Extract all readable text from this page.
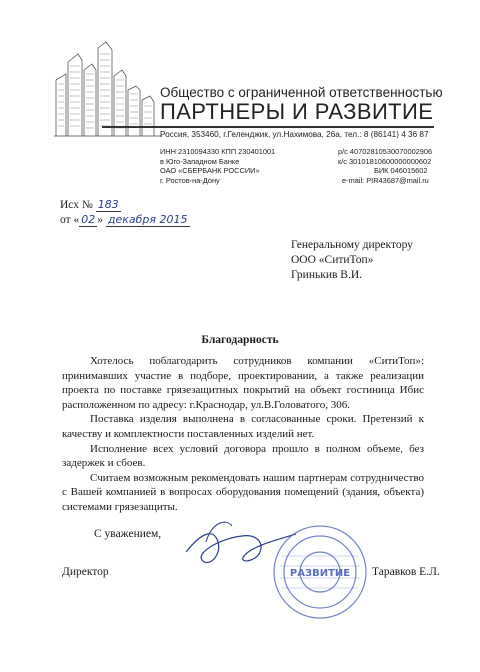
Общество с ограниченной ответственностью
ПАРТНЕРЫ И РАЗВИТИЕ
Россия, 353460, г.Геленджик, ул.Нахимова, 26а, тел.: 8 (86141) 4 36 87
ИНН 2310094330 КПП 230401001
в Юго-Западном Банке
ОАО «СБЕРБАНК РОССИИ»
г. Ростов-на-Дону
р/с 40702810530070002906
к/с 30101810600000000602
БИК 046015602
e-mail: PIR43687@mail.ru
Исх № 183
от « 02 » декабря 2015
Генеральному директору
ООО «СитиТоп»
Гринькив В.И.
Благодарность

Хотелось поблагодарить сотрудников компании «СитиТоп»: принимавших участие в подборе, проектировании, а также реализации проекта по поставке грязезащитных покрытий на объект гостиница Ибис расположенном по адресу: г.Краснодар, ул.В.Головатого, 306.

Поставка изделия выполнена в согласованные сроки. Претензий к качеству и комплектности поставленных изделий нет.

Исполнение всех условий договора прошло в полном объеме, без задержек и сбоев.

Считаем возможным рекомендовать нашим партнерам сотрудничество с Вашей компанией в вопросах оборудования помещений (здания, объекта) системами грязезащиты.

С уважением,
РАЗВИТИЕ
Директор	Таравков Е.Л.
